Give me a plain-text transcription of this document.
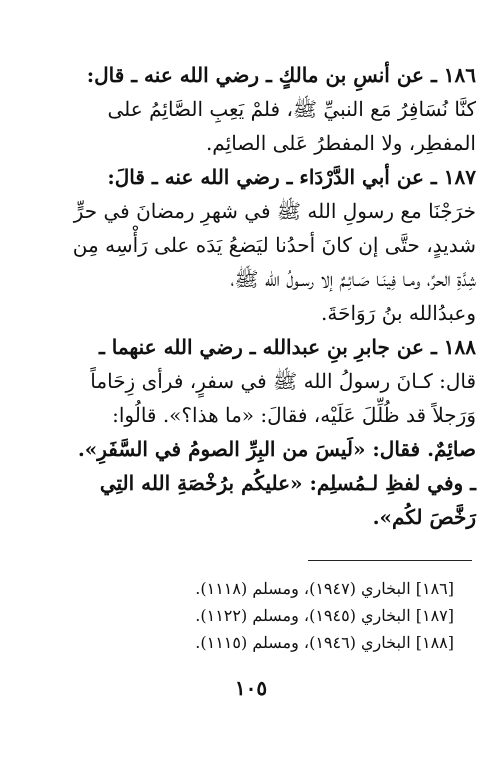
١٨٦ ـ عن أنسِ بن مالكٍ ـ رضي الله عنه ـ قال:
كنَّا نُسَافِرُ مَع النبيِّ ﷺ، فلمْ يَعِبِ الصَّائِمُ على
المفطِر، ولا المفطرُ عَلى الصائِم.
١٨٧ ـ عن أبي الدَّرْدَاء ـ رضي الله عنه ـ قالَ:
خرَجْنَا مع رسولِ الله ﷺ في شهرِ رمضانَ في حرٍّ
شديدٍ، حتَّى إن كانَ أحدُنا ليَضعُ يَدَه على رَأْسِه مِن
شِدَّةِ الحرِّ، ومـا فِينَـا صَـائِـمٌ إلا رسـولُ الله ﷺ،
وعبدُالله بنُ رَوَاحَةَ.
١٨٨ ـ عن جابرِ بنِ عبدالله ـ رضي الله عنهما ـ
قال: كـانَ رسولُ الله ﷺ في سفرٍ، فرأى زِحَاماً
وَرَجلاً قد ظُلِّلَ عَلَيْه، فقالَ: «ما هذا؟». قالُوا:
صائِمٌ. فقال: «لَيسَ من البِرِّ الصومُ في السَّفَرِ».
ـ وفي لفظِ لـمُسلِم: «عليكُم برُخْصَةِ الله التِي
رَخَّصَ لكُم».
[١٨٦] البخاري (١٩٤٧)، ومسلم (١١١٨).
[١٨٧] البخاري (١٩٤٥)، ومسلم (١١٢٢).
[١٨٨] البخاري (١٩٤٦)، ومسلم (١١١٥).
١٠٥
